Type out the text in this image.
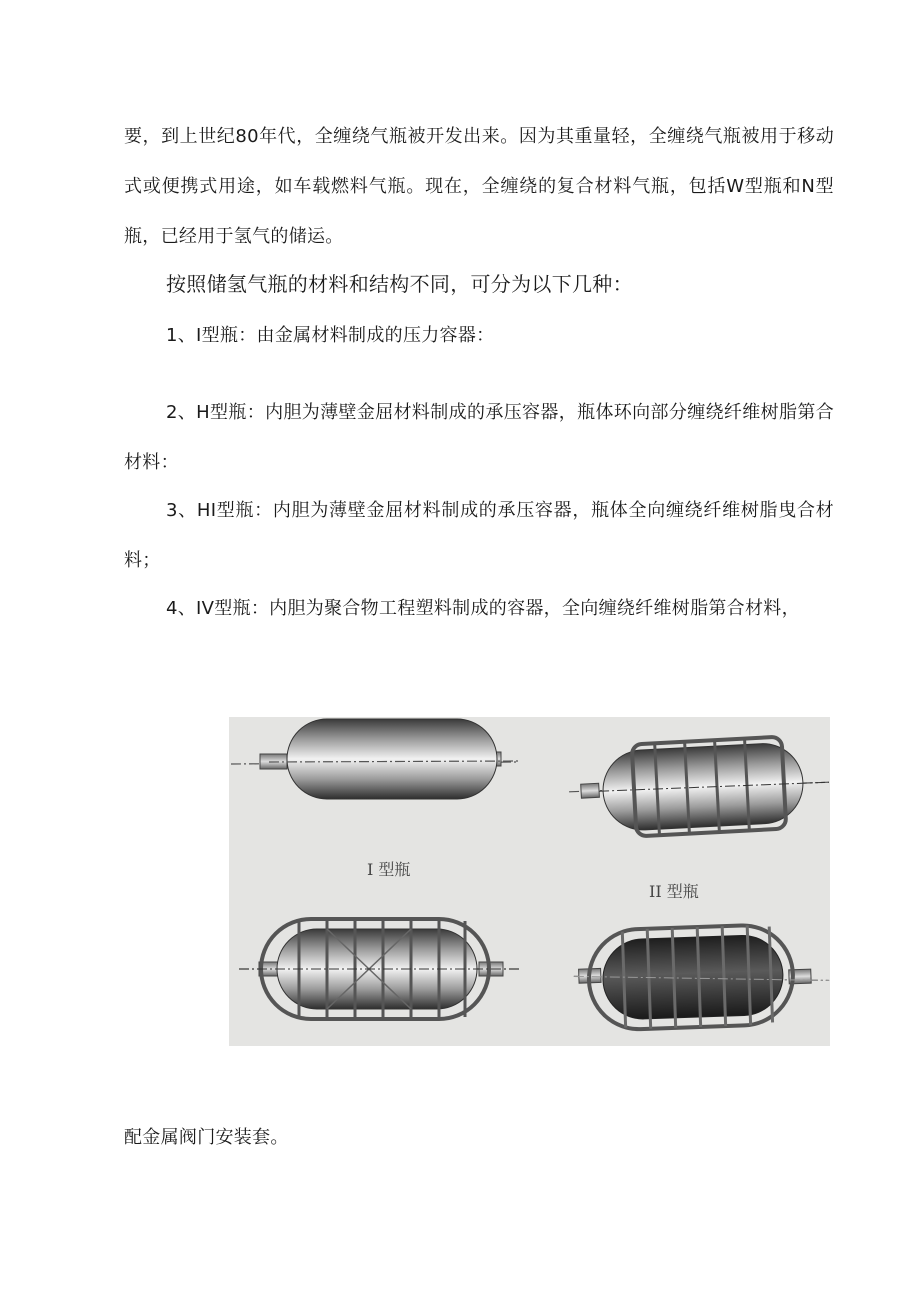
要，到上世纪80年代，全缠绕气瓶被开发出来。因为其重量轻，全缠绕气瓶被用于移动式或便携式用途，如车载燃料气瓶。现在，全缠绕的复合材料气瓶，包括W型瓶和N型瓶，已经用于氢气的储运。

按照储氢气瓶的材料和结构不同，可分为以下几种：

1、I型瓶：由金属材料制成的压力容器：

2、H型瓶：内胆为薄壁金屈材料制成的承压容器，瓶体环向部分缠绕纤维树脂第合材料：

3、HI型瓶：内胆为薄壁金屈材料制成的承压容器，瓶体全向缠绕纤维树脂曳合材料；

4、IV型瓶：内胆为聚合物工程塑料制成的容器，全向缠绕纤维树脂第合材料，

I 型瓶
II 型瓶

配金属阀门安装套。
